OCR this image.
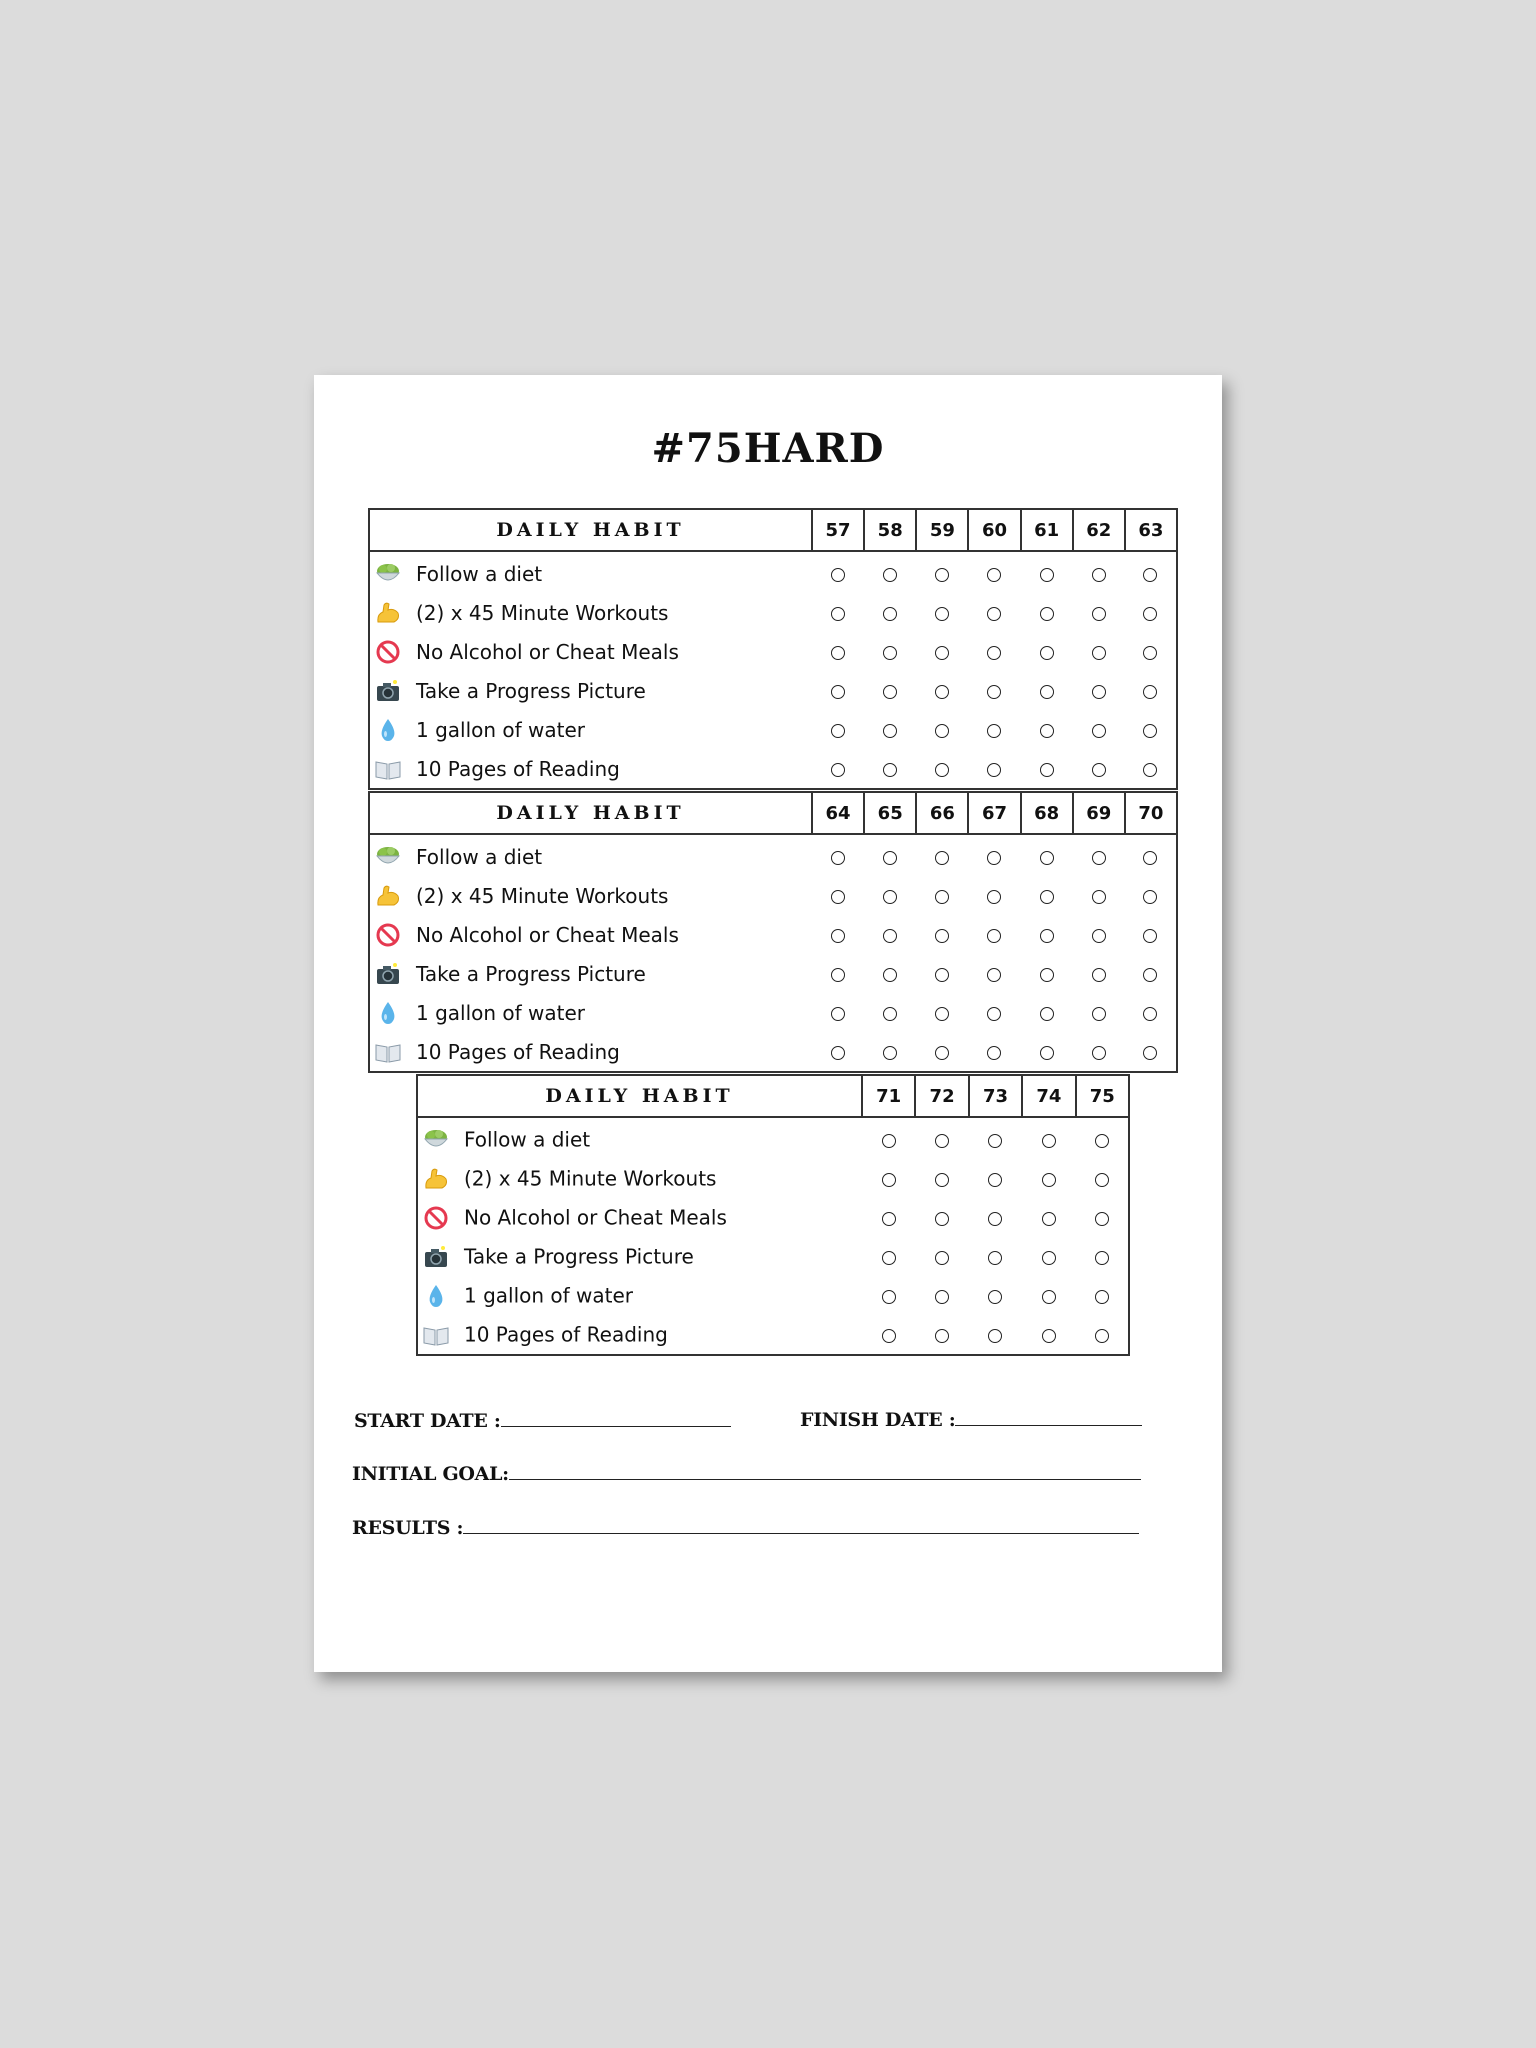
#75HARD
DAILY HABIT	57	58	59	60	61	62	63

Follow a diet							

(2) x 45 Minute Workouts							

No Alcohol or Cheat Meals							

Take a Progress Picture							

1 gallon of water							

10 Pages of Reading							
DAILY HABIT	64	65	66	67	68	69	70

Follow a diet							

(2) x 45 Minute Workouts							

No Alcohol or Cheat Meals							

Take a Progress Picture							

1 gallon of water							

10 Pages of Reading							
DAILY HABIT	71	72	73	74	75

Follow a diet					

(2) x 45 Minute Workouts					

No Alcohol or Cheat Meals					

Take a Progress Picture					

1 gallon of water					

10 Pages of Reading					
START DATE :	FINISH DATE :
INITIAL GOAL:
RESULTS :
